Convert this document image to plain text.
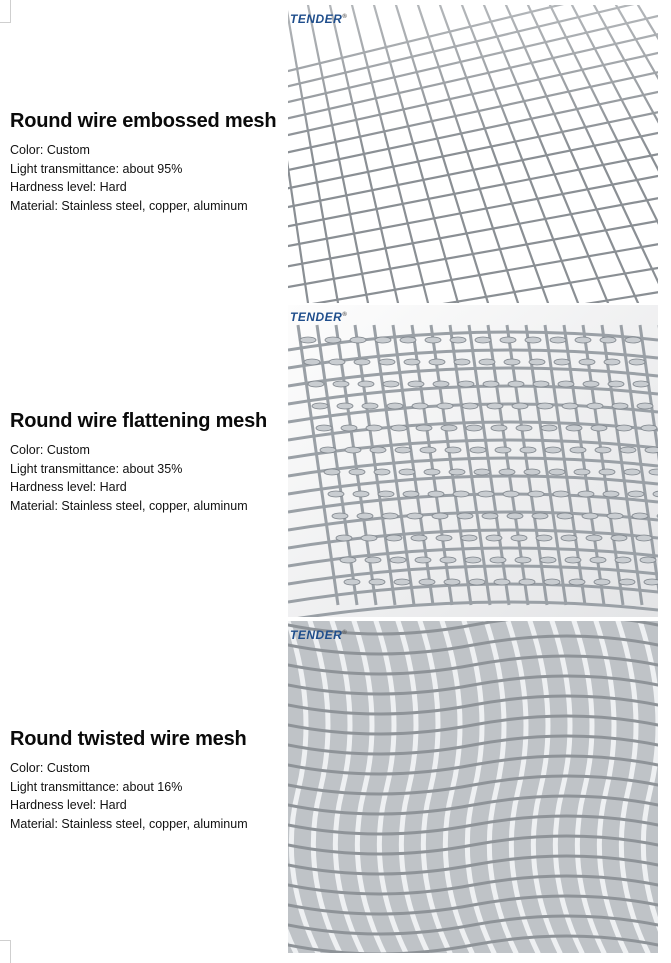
Round wire embossed mesh

Color: Custom

Light transmittance: about 95%

Hardness level: Hard

Material: Stainless steel, copper, aluminum

TENDER®
Round wire flattening mesh

Color: Custom

Light transmittance: about 35%

Hardness level: Hard

Material: Stainless steel, copper, aluminum

TENDER®
Round twisted wire mesh

Color: Custom

Light transmittance: about 16%

Hardness level: Hard

Material: Stainless steel, copper, aluminum

TENDER®
